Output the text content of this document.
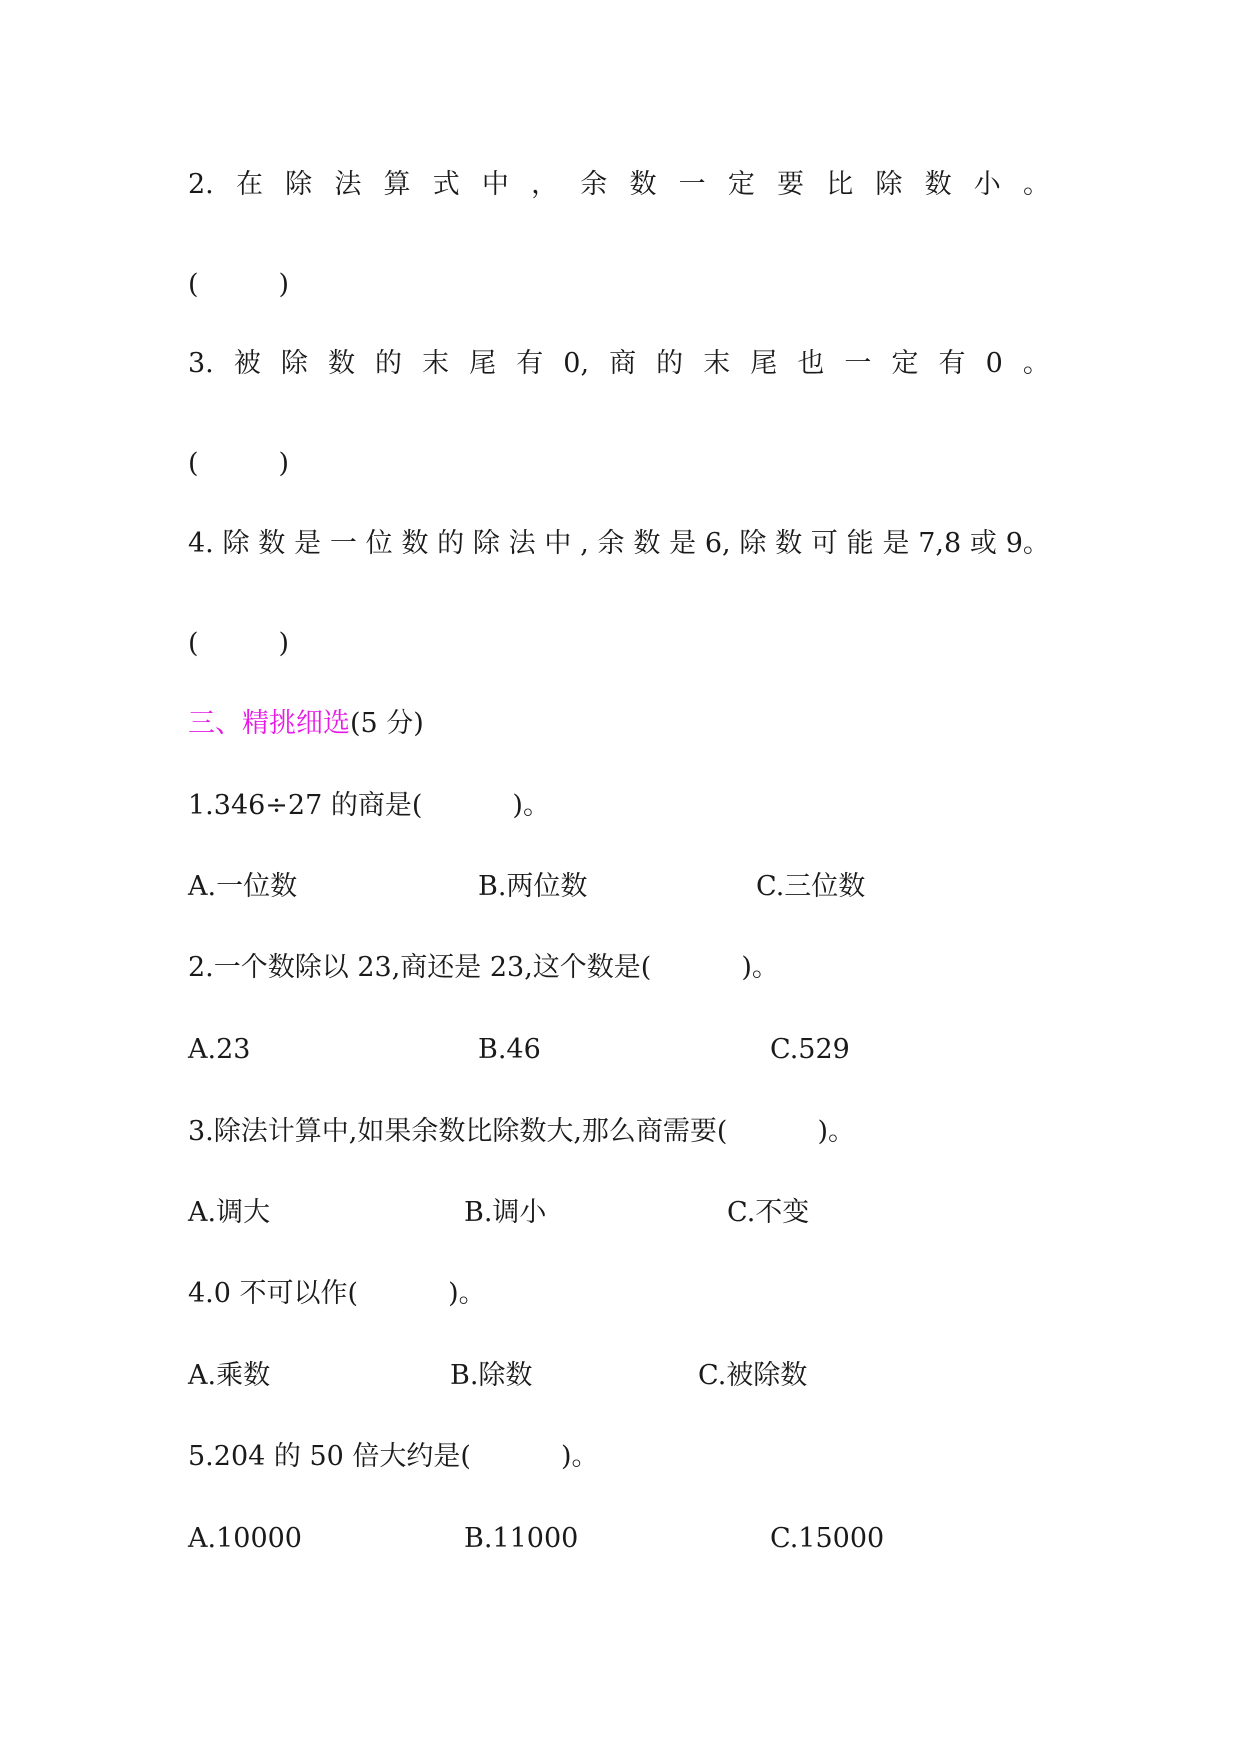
2. 在 除 法 算 式 中 ， 余 数 一 定 要 比 除 数 小 。
(	)
3. 被 除 数 的 末 尾 有 0, 商 的 末 尾 也 一 定 有 0 。
(	)
4. 除 数 是 一 位 数 的 除 法 中 , 余 数 是 6, 除 数 可 能 是 7,8 或 9。
(	)
三、精挑细选(5 分)
1.346÷27 的商是(	)。
A.一位数	B.两位数	C.三位数
2.一个数除以 23,商还是 23,这个数是(	)。
A.23	B.46	C.529
3.除法计算中,如果余数比除数大,那么商需要(	)。
A.调大	B.调小	C.不变
4.0 不可以作(	)。
A.乘数	B.除数	C.被除数
5.204 的 50 倍大约是(	)。
A.10000	B.11000	C.15000
